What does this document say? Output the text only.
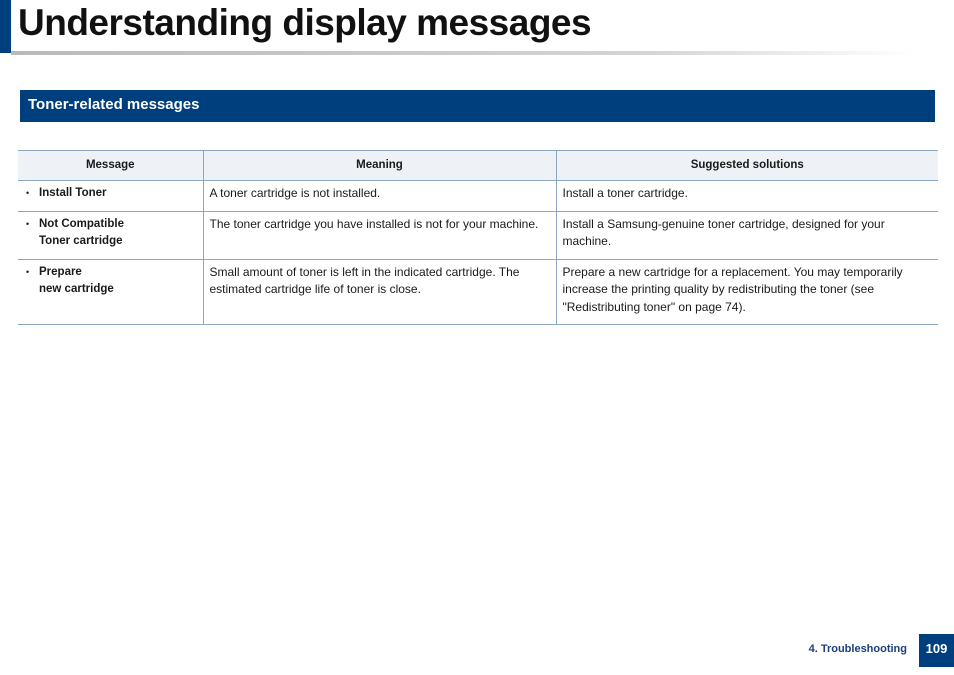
Understanding display messages
Toner-related messages
Message	Meaning	Suggested solutions
• Install Toner	A toner cartridge is not installed.	Install a toner cartridge.
• Not Compatible
Toner cartridge	The toner cartridge you have installed is not for your machine.	Install a Samsung-genuine toner cartridge, designed for your machine.
• Prepare
new cartridge	Small amount of toner is left in the indicated cartridge. The estimated cartridge life of toner is close.	Prepare a new cartridge for a replacement. You may temporarily increase the printing quality by redistributing the toner (see "Redistributing toner" on page 74).
4. Troubleshooting	109
